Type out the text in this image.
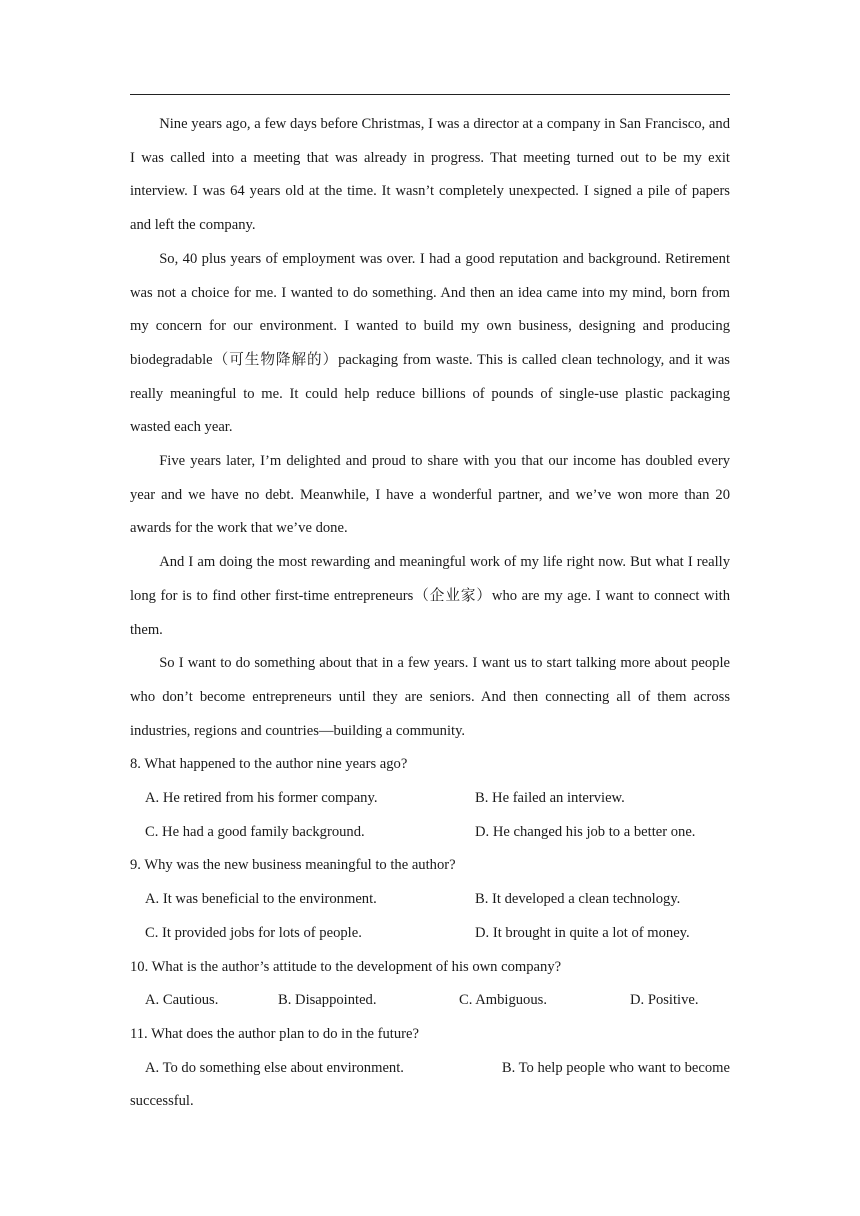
Nine years ago, a few days before Christmas, I was a director at a company in San Francisco, and I was called into a meeting that was already in progress. That meeting turned out to be my exit interview. I was 64 years old at the time. It wasn’t completely unexpected. I signed a pile of papers and left the company.

So, 40 plus years of employment was over. I had a good reputation and background. Retirement was not a choice for me. I wanted to do something. And then an idea came into my mind, born from my concern for our environment. I wanted to build my own business, designing and producing biodegradable（可生物降解的）packaging from waste. This is called clean technology, and it was really meaningful to me. It could help reduce billions of pounds of single-use plastic packaging wasted each year.

Five years later, I’m delighted and proud to share with you that our income has doubled every year and we have no debt. Meanwhile, I have a wonderful partner, and we’ve won more than 20 awards for the work that we’ve done.

And I am doing the most rewarding and meaningful work of my life right now. But what I really long for is to find other first-time entrepreneurs（企业家）who are my age. I want to connect with them.

So I want to do something about that in a few years. I want us to start talking more about people who don’t become entrepreneurs until they are seniors. And then connecting all of them across industries, regions and countries—building a community.

8. What happened to the author nine years ago?

A. He retired from his former company.	B. He failed an interview.
C. He had a good family background.	D. He changed his job to a better one.

9. Why was the new business meaningful to the author?

A. It was beneficial to the environment.	B. It developed a clean technology.
C. It provided jobs for lots of people.	D. It brought in quite a lot of money.

10. What is the author’s attitude to the development of his own company?

A. Cautious.	B. Disappointed.	C. Ambiguous.	D. Positive.

11. What does the author plan to do in the future?

A. To do something else about environment.	B. To help people who want to become

successful.
